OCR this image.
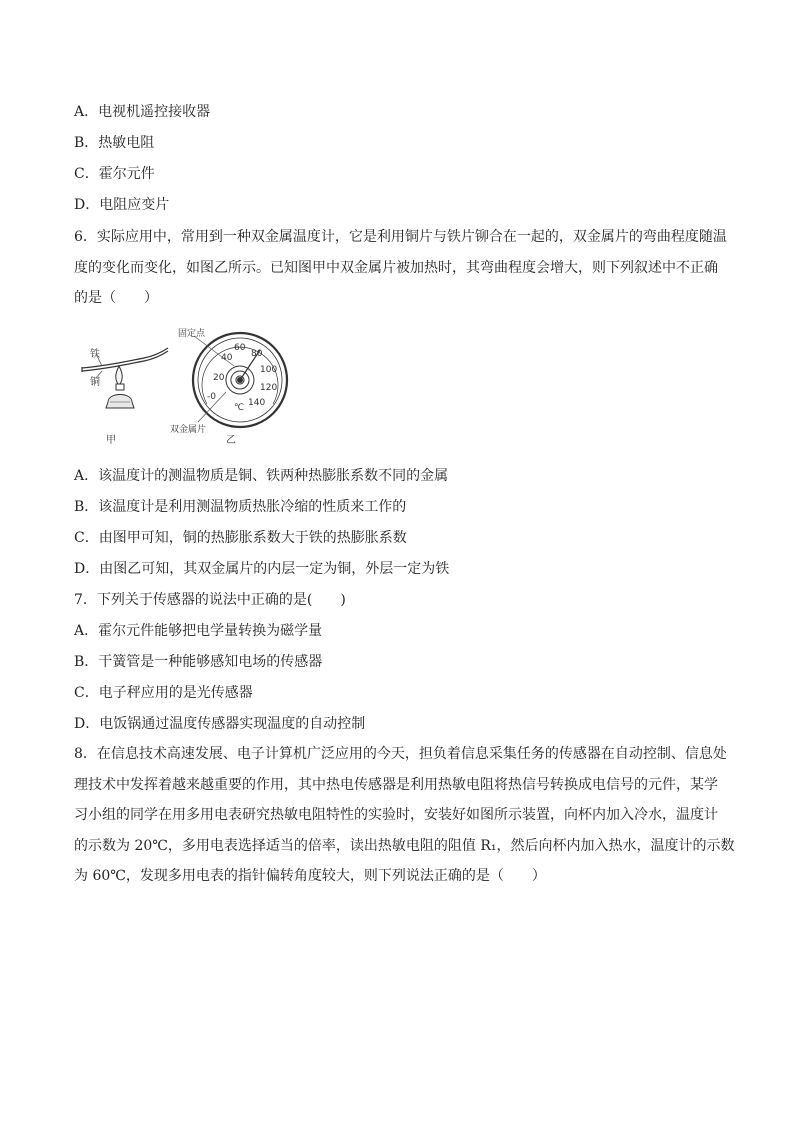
A．电视机遥控接收器
B．热敏电阻
C．霍尔元件
D．电阻应变片
6．实际应用中，常用到一种双金属温度计，它是利用铜片与铁片铆合在一起的，双金属片的弯曲程度随温
度的变化而变化，如图乙所示。已知图甲中双金属片被加热时，其弯曲程度会增大，则下列叙述中不正确
的是（　　）
铁
铜
甲
-0
20
40
60
80
100
120
140
℃
固定点
双金属片
乙
A．该温度计的测温物质是铜、铁两种热膨胀系数不同的金属
B．该温度计是利用测温物质热胀冷缩的性质来工作的
C．由图甲可知，铜的热膨胀系数大于铁的热膨胀系数
D．由图乙可知，其双金属片的内层一定为铜，外层一定为铁
7．下列关于传感器的说法中正确的是(　　)
A．霍尔元件能够把电学量转换为磁学量
B．干簧管是一种能够感知电场的传感器
C．电子秤应用的是光传感器
D．电饭锅通过温度传感器实现温度的自动控制
8．在信息技术高速发展、电子计算机广泛应用的今天，担负着信息采集任务的传感器在自动控制、信息处
理技术中发挥着越来越重要的作用，其中热电传感器是利用热敏电阻将热信号转换成电信号的元件，某学
习小组的同学在用多用电表研究热敏电阻特性的实验时，安装好如图所示装置，向杯内加入冷水，温度计
的示数为 20℃，多用电表选择适当的倍率，读出热敏电阻的阻值 R₁，然后向杯内加入热水，温度计的示数
为 60℃，发现多用电表的指针偏转角度较大，则下列说法正确的是（　　）
